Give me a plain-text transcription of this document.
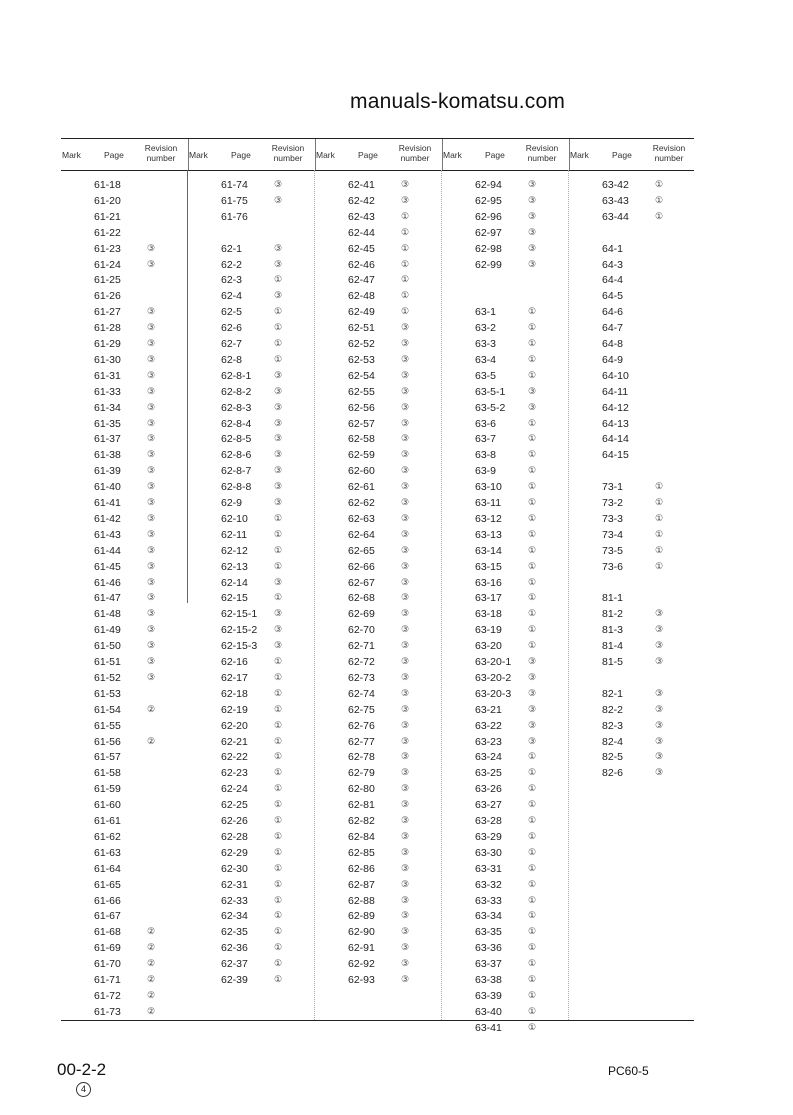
manuals-komatsu.com
Mark	Page
Revision
number	Mark	Page
Revision
number	Mark	Page
Revision
number	Mark	Page
Revision
number	Mark	Page
Revision
number
61-18
61-20
61-21
61-22
61-23	③
61-24	③
61-25
61-26
61-27	③
61-28	③
61-29	③
61-30	③
61-31	③
61-33	③
61-34	③
61-35	③
61-37	③
61-38	③
61-39	③
61-40	③
61-41	③
61-42	③
61-43	③
61-44	③
61-45	③
61-46	③
61-47	③
61-48	③
61-49	③
61-50	③
61-51	③
61-52	③
61-53
61-54	②
61-55
61-56	②
61-57
61-58
61-59
61-60
61-61
61-62
61-63
61-64
61-65
61-66
61-67
61-68	②
61-69	②
61-70	②
61-71	②
61-72	②
61-73	②
61-74	③
61-75	③
61-76
62-1	③
62-2	③
62-3	①
62-4	③
62-5	①
62-6	①
62-7	①
62-8	①
62-8-1	③
62-8-2	③
62-8-3	③
62-8-4	③
62-8-5	③
62-8-6	③
62-8-7	③
62-8-8	③
62-9	③
62-10	①
62-11	①
62-12	①
62-13	①
62-14	③
62-15	①
62-15-1 ③
62-15-2 ③
62-15-3 ③
62-16	①
62-17	①
62-18	①
62-19	①
62-20	①
62-21	①
62-22	①
62-23	①
62-24	①
62-25	①
62-26	①
62-28	①
62-29	①
62-30	①
62-31	①
62-33	①
62-34	①
62-35	①
62-36	①
62-37	①
62-39	①
62-41	③
62-42	③
62-43	①
62-44	①
62-45	①
62-46	①
62-47	①
62-48	①
62-49	①
62-51	③
62-52	③
62-53	③
62-54	③
62-55	③
62-56	③
62-57	③
62-58	③
62-59	③
62-60	③
62-61	③
62-62	③
62-63	③
62-64	③
62-65	③
62-66	③
62-67	③
62-68	③
62-69	③
62-70	③
62-71	③
62-72	③
62-73	③
62-74	③
62-75	③
62-76	③
62-77	③
62-78	③
62-79	③
62-80	③
62-81	③
62-82	③
62-84	③
62-85	③
62-86	③
62-87	③
62-88	③
62-89	③
62-90	③
62-91	③
62-92	③
62-93	③
62-94	③
62-95	③
62-96	③
62-97	③
62-98	③
62-99	③
63-1	①
63-2	①
63-3	①
63-4	①
63-5	①
63-5-1	③
63-5-2	③
63-6	①
63-7	①
63-8	①
63-9	①
63-10	①
63-11	①
63-12	①
63-13	①
63-14	①
63-15	①
63-16	①
63-17	①
63-18	①
63-19	①
63-20	①
63-20-1 ③
63-20-2 ③
63-20-3 ③
63-21	③
63-22	③
63-23	③
63-24	①
63-25	①
63-26	①
63-27	①
63-28	①
63-29	①
63-30	①
63-31	①
63-32	①
63-33	①
63-34	①
63-35	①
63-36	①
63-37	①
63-38	①
63-39	①
63-40	①
63-41	①
63-42	①
63-43	①
63-44	①
64-1
64-3
64-4
64-5
64-6
64-7
64-8
64-9
64-10
64-11
64-12
64-13
64-14
64-15
73-1	①
73-2	①
73-3	①
73-4	①
73-5	①
73-6	①
81-1
81-2	③
81-3	③
81-4	③
81-5	③
82-1	③
82-2	③
82-3	③
82-4	③
82-5	③
82-6	③
00-2-2
4
PC60-5
